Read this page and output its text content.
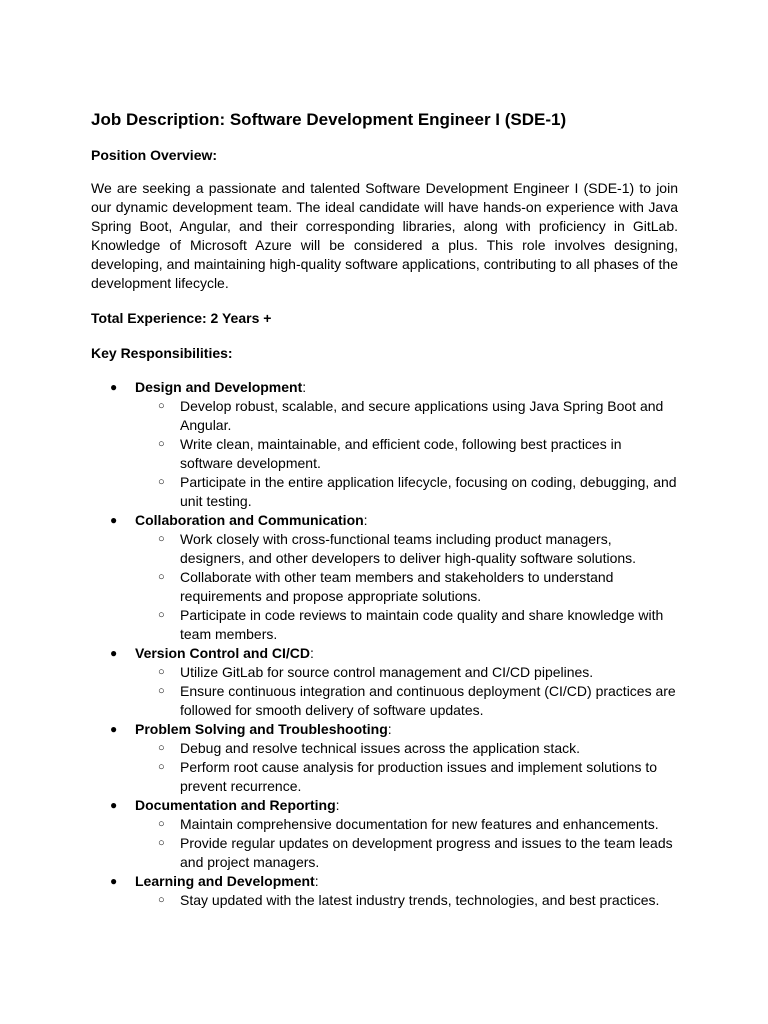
Job Description: Software Development Engineer I (SDE-1)

Position Overview:

We are seeking a passionate and talented Software Development Engineer I (SDE-1) to join our dynamic development team. The ideal candidate will have hands-on experience with Java Spring Boot, Angular, and their corresponding libraries, along with proficiency in GitLab. Knowledge of Microsoft Azure will be considered a plus. This role involves designing, developing, and maintaining high-quality software applications, contributing to all phases of the development lifecycle.

Total Experience: 2 Years +

Key Responsibilities:

● Design and Development:
○ Develop robust, scalable, and secure applications using Java Spring Boot and Angular.
○ Write clean, maintainable, and efficient code, following best practices in software development.
○ Participate in the entire application lifecycle, focusing on coding, debugging, and unit testing.
● Collaboration and Communication:
○ Work closely with cross-functional teams including product managers, designers, and other developers to deliver high-quality software solutions.
○ Collaborate with other team members and stakeholders to understand requirements and propose appropriate solutions.
○ Participate in code reviews to maintain code quality and share knowledge with team members.
● Version Control and CI/CD:
○ Utilize GitLab for source control management and CI/CD pipelines.
○ Ensure continuous integration and continuous deployment (CI/CD) practices are followed for smooth delivery of software updates.
● Problem Solving and Troubleshooting:
○ Debug and resolve technical issues across the application stack.
○ Perform root cause analysis for production issues and implement solutions to prevent recurrence.
● Documentation and Reporting:
○ Maintain comprehensive documentation for new features and enhancements.
○ Provide regular updates on development progress and issues to the team leads and project managers.
● Learning and Development:
○ Stay updated with the latest industry trends, technologies, and best practices.
